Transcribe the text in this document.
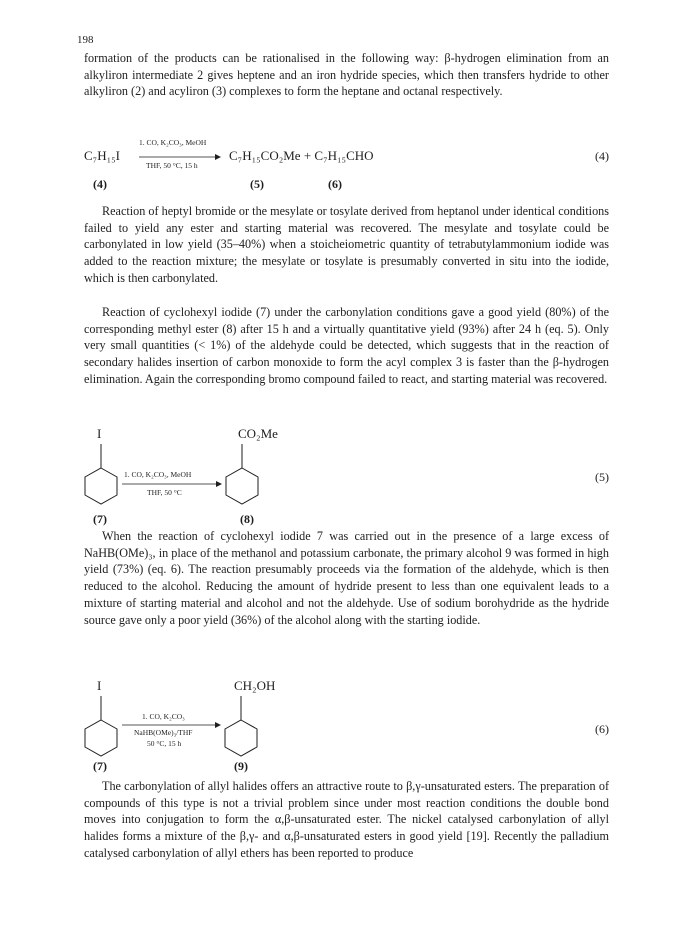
198

formation of the products can be rationalised in the following way: β-hydrogen elimination from an alkyliron intermediate 2 gives heptene and an iron hydride species, which then transfers hydride to other alkyliron (2) and acyliron (3) complexes to form the heptane and octanal respectively.

C₇H₁₅I
1. CO, K₂CO₃, MeOH
THF, 50 °C, 15 h
C₇H₁₅CO₂Me + C₇H₁₅CHO	(4)
(4)	(5)	(6)

Reaction of heptyl bromide or the mesylate or tosylate derived from heptanol under identical conditions failed to yield any ester and starting material was recovered. The mesylate and tosylate could be carbonylated in low yield (35–40%) when a stoicheiometric quantity of tetrabutylammonium iodide was added to the reaction mixture; the mesylate or tosylate is presumably converted in situ into the iodide, which is then carbonylated.

Reaction of cyclohexyl iodide (7) under the carbonylation conditions gave a good yield (80%) of the corresponding methyl ester (8) after 15 h and a virtually quantitative yield (93%) after 24 h (eq. 5). Only very small quantities (< 1%) of the aldehyde could be detected, which suggests that in the reaction of secondary halides insertion of carbon monoxide to form the acyl complex 3 is faster than the β-hydrogen elimination. Again the corresponding bromo compound failed to react, and starting material was recovered.

I	CO₂Me
1. CO, K₂CO₃, MeOH
THF, 50 °C
(5)
(7)	(8)

When the reaction of cyclohexyl iodide 7 was carried out in the presence of a large excess of NaHB(OMe)₃, in place of the methanol and potassium carbonate, the primary alcohol 9 was formed in high yield (73%) (eq. 6). The reaction presumably proceeds via the formation of the aldehyde, which is then reduced to the alcohol. Reducing the amount of hydride present to less than one equivalent leads to a mixture of starting material and alcohol and not the aldehyde. Use of sodium borohydride as the hydride source gave only a poor yield (36%) of the alcohol along with the starting iodide.

I	CH₂OH
1. CO, K₂CO₃
NaHB(OMe)₃/THF
50 °C, 15 h
(6)
(7)	(9)

The carbonylation of allyl halides offers an attractive route to β,γ-unsaturated esters. The preparation of compounds of this type is not a trivial problem since under most reaction conditions the double bond moves into conjugation to form the α,β-unsaturated ester. The nickel catalysed carbonylation of allyl halides forms a mixture of the β,γ- and α,β-unsaturated esters in good yield [19]. Recently the palladium catalysed carbonylation of allyl ethers has been reported to produce
